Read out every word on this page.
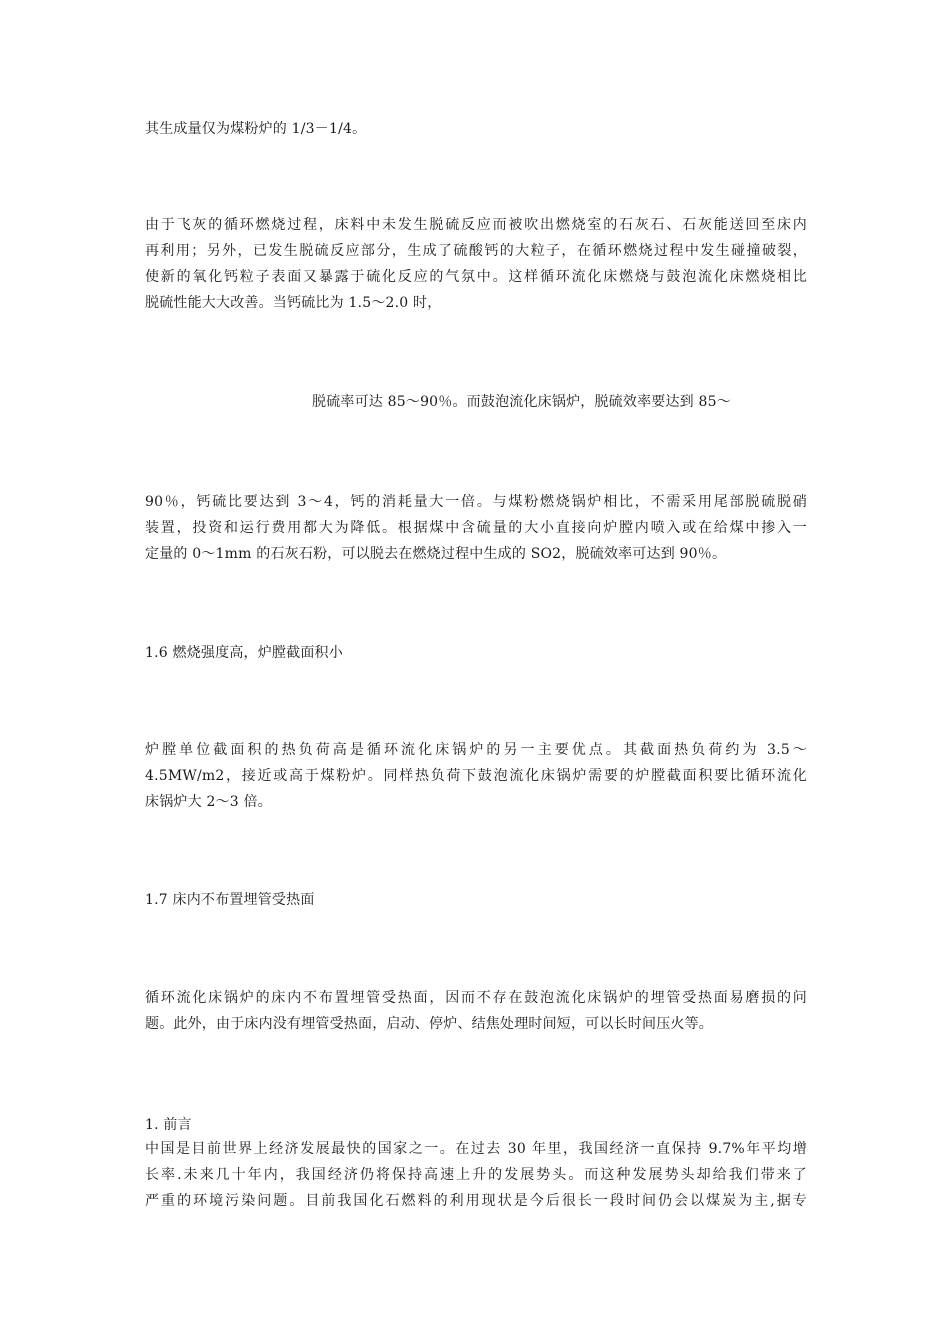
其生成量仅为煤粉炉的 1/3－1/4。
由于飞灰的循环燃烧过程，床料中未发生脱硫反应而被吹出燃烧室的石灰石、石灰能送回至床内
再利用；另外，已发生脱硫反应部分，生成了硫酸钙的大粒子，在循环燃烧过程中发生碰撞破裂，
使新的氧化钙粒子表面又暴露于硫化反应的气氛中。这样循环流化床燃烧与鼓泡流化床燃烧相比
脱硫性能大大改善。当钙硫比为 1.5～2.0 时，
脱硫率可达 85～90％。而鼓泡流化床锅炉，脱硫效率要达到 85～
90％，钙硫比要达到 3～4，钙的消耗量大一倍。与煤粉燃烧锅炉相比，不需采用尾部脱硫脱硝
装置，投资和运行费用都大为降低。根据煤中含硫量的大小直接向炉膛内喷入或在给煤中掺入一
定量的 0～1mm 的石灰石粉，可以脱去在燃烧过程中生成的 SO2，脱硫效率可达到 90％。
1.6 燃烧强度高，炉膛截面积小
炉膛单位截面积的热负荷高是循环流化床锅炉的另一主要优点。其截面热负荷约为 3.5～
4.5MW/m2，接近或高于煤粉炉。同样热负荷下鼓泡流化床锅炉需要的炉膛截面积要比循环流化
床锅炉大 2～3 倍。
1.7 床内不布置埋管受热面
循环流化床锅炉的床内不布置埋管受热面，因而不存在鼓泡流化床锅炉的埋管受热面易磨损的问
题。此外，由于床内没有埋管受热面，启动、停炉、结焦处理时间短，可以长时间压火等。
1. 前言
中国是目前世界上经济发展最快的国家之一。在过去 30 年里，我国经济一直保持 9.7%年平均增
长率.未来几十年内，我国经济仍将保持高速上升的发展势头。而这种发展势头却给我们带来了
严重的环境污染问题。目前我国化石燃料的利用现状是今后很长一段时间仍会以煤炭为主,据专
